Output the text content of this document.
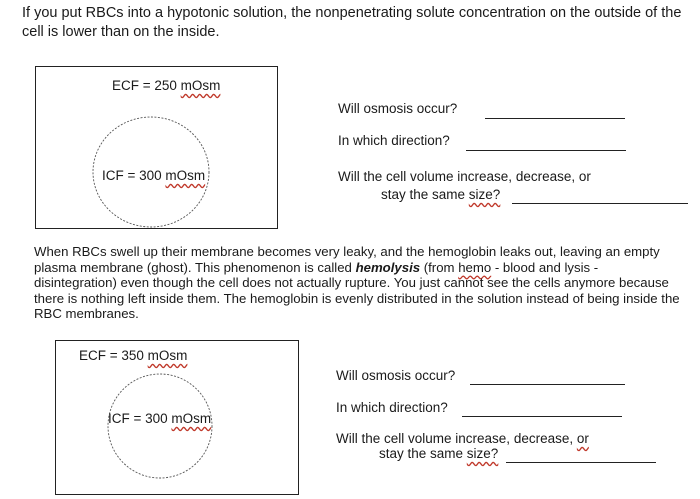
If you put RBCs into a hypotonic solution, the nonpenetrating solute concentration on the outside of the cell is lower than on the inside.
ECF = 250 mOsm
ICF = 300 mOsm
Will osmosis occur?
In which direction?
Will the cell volume increase, decrease, or
stay the same size?
When RBCs swell up their membrane becomes very leaky, and the hemoglobin leaks out, leaving an empty plasma membrane (ghost). This phenomenon is called hemolysis (from hemo - blood and lysis - disintegration) even though the cell does not actually rupture. You just cannot see the cells anymore because there is nothing left inside them. The hemoglobin is evenly distributed in the solution instead of being inside the RBC membranes.
ECF = 350 mOsm
ICF = 300 mOsm
Will osmosis occur?
In which direction?
Will the cell volume increase, decrease, or
stay the same size?
